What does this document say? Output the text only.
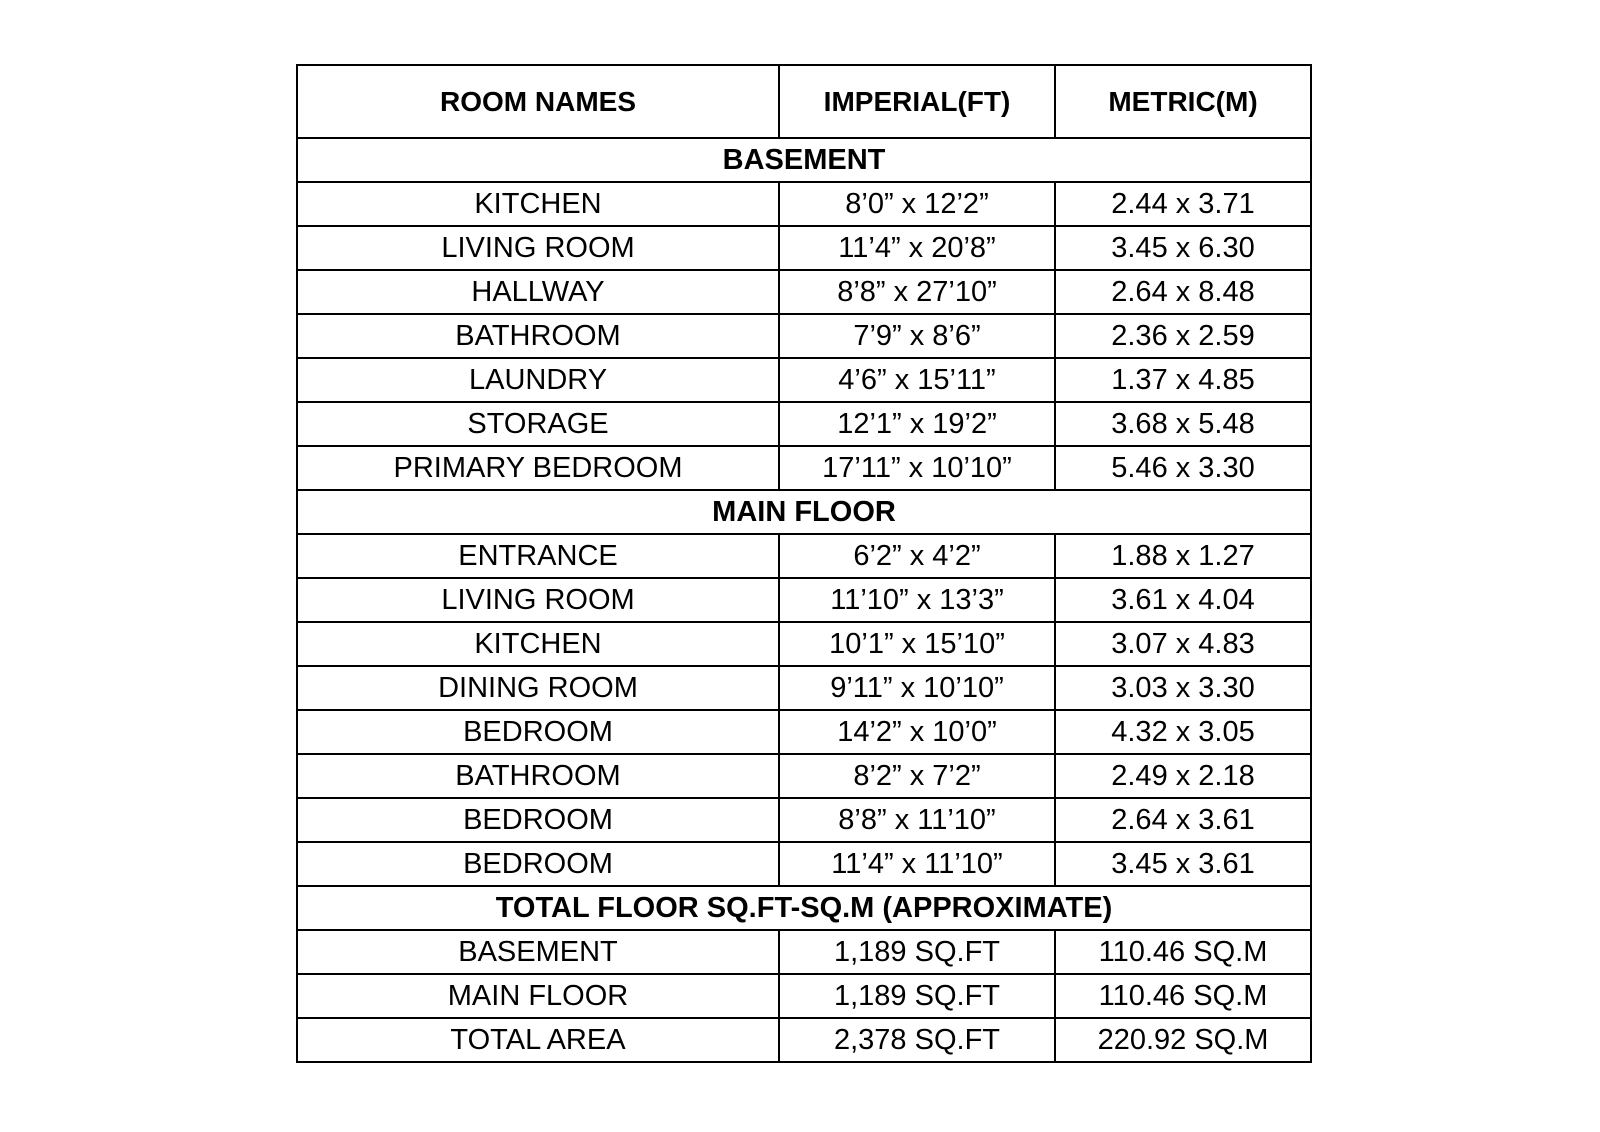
ROOM NAMES	IMPERIAL(FT)	METRIC(M)
BASEMENT		
KITCHEN	8’0” x 12’2”	2.44 x 3.71
LIVING ROOM	11’4” x 20’8”	3.45 x 6.30
HALLWAY	8’8” x 27’10”	2.64 x 8.48
BATHROOM	7’9” x 8’6”	2.36 x 2.59
LAUNDRY	4’6” x 15’11”	1.37 x 4.85
STORAGE	12’1” x 19’2”	3.68 x 5.48
PRIMARY BEDROOM	17’11” x 10’10”	5.46 x 3.30
MAIN FLOOR		
ENTRANCE	6’2” x 4’2”	1.88 x 1.27
LIVING ROOM	11’10” x 13’3”	3.61 x 4.04
KITCHEN	10’1” x 15’10”	3.07 x 4.83
DINING ROOM	9’11” x 10’10”	3.03 x 3.30
BEDROOM	14’2” x 10’0”	4.32 x 3.05
BATHROOM	8’2” x 7’2”	2.49 x 2.18
BEDROOM	8’8” x 11’10”	2.64 x 3.61
BEDROOM	11’4” x 11’10”	3.45 x 3.61
TOTAL FLOOR SQ.FT-SQ.M (APPROXIMATE)		
BASEMENT	1,189 SQ.FT	110.46 SQ.M
MAIN FLOOR	1,189 SQ.FT	110.46 SQ.M
TOTAL AREA	2,378 SQ.FT	220.92 SQ.M
